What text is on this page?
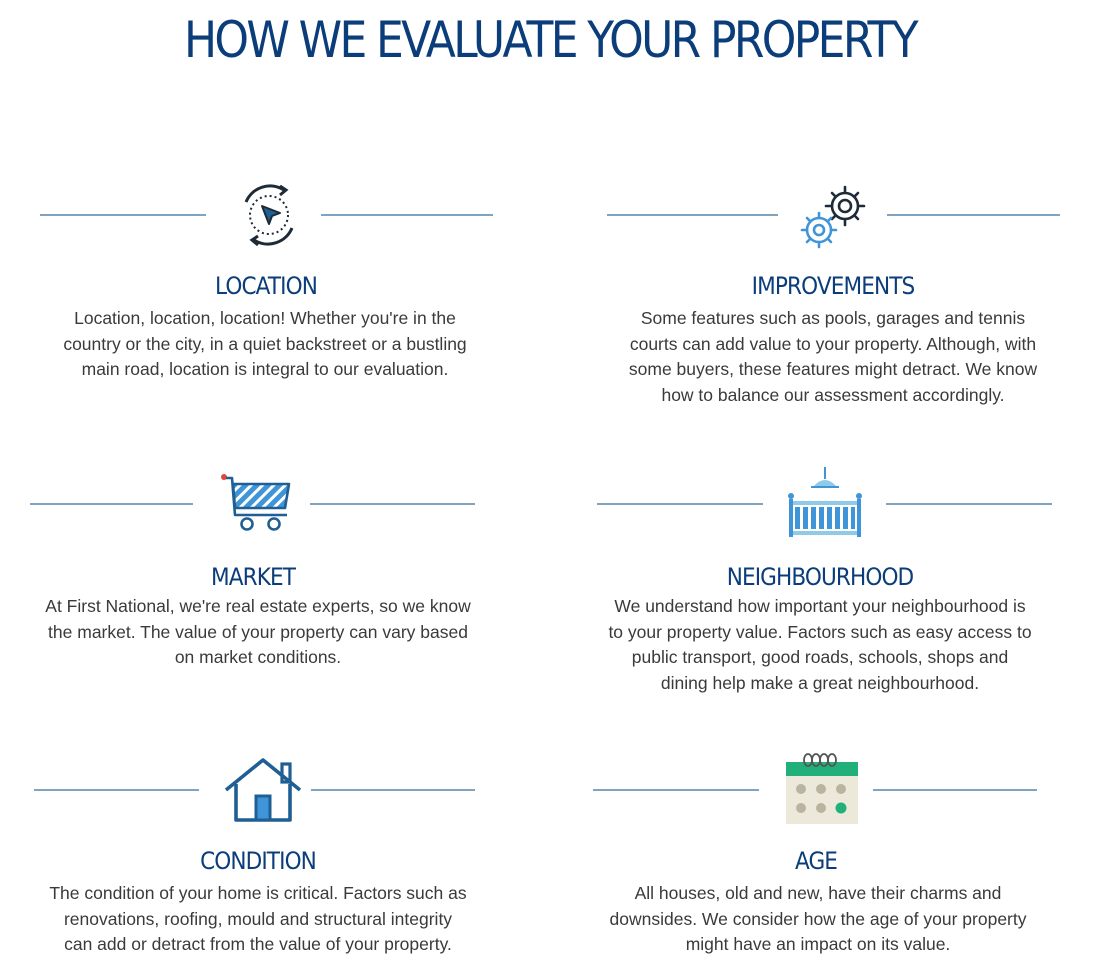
HOW WE EVALUATE YOUR PROPERTY
LOCATION
Location, location, location! Whether you're in the
country or the city, in a quiet backstreet or a bustling
main road, location is integral to our evaluation.
IMPROVEMENTS
Some features such as pools, garages and tennis
courts can add value to your property. Although, with
some buyers, these features might detract. We know
how to balance our assessment accordingly.
MARKET
At First National, we're real estate experts, so we know
the market. The value of your property can vary based
on market conditions.
NEIGHBOURHOOD
We understand how important your neighbourhood is
to your property value. Factors such as easy access to
public transport, good roads, schools, shops and
dining help make a great neighbourhood.
CONDITION
The condition of your home is critical. Factors such as
renovations, roofing, mould and structural integrity
can add or detract from the value of your property.
AGE
All houses, old and new, have their charms and
downsides. We consider how the age of your property
might have an impact on its value.
